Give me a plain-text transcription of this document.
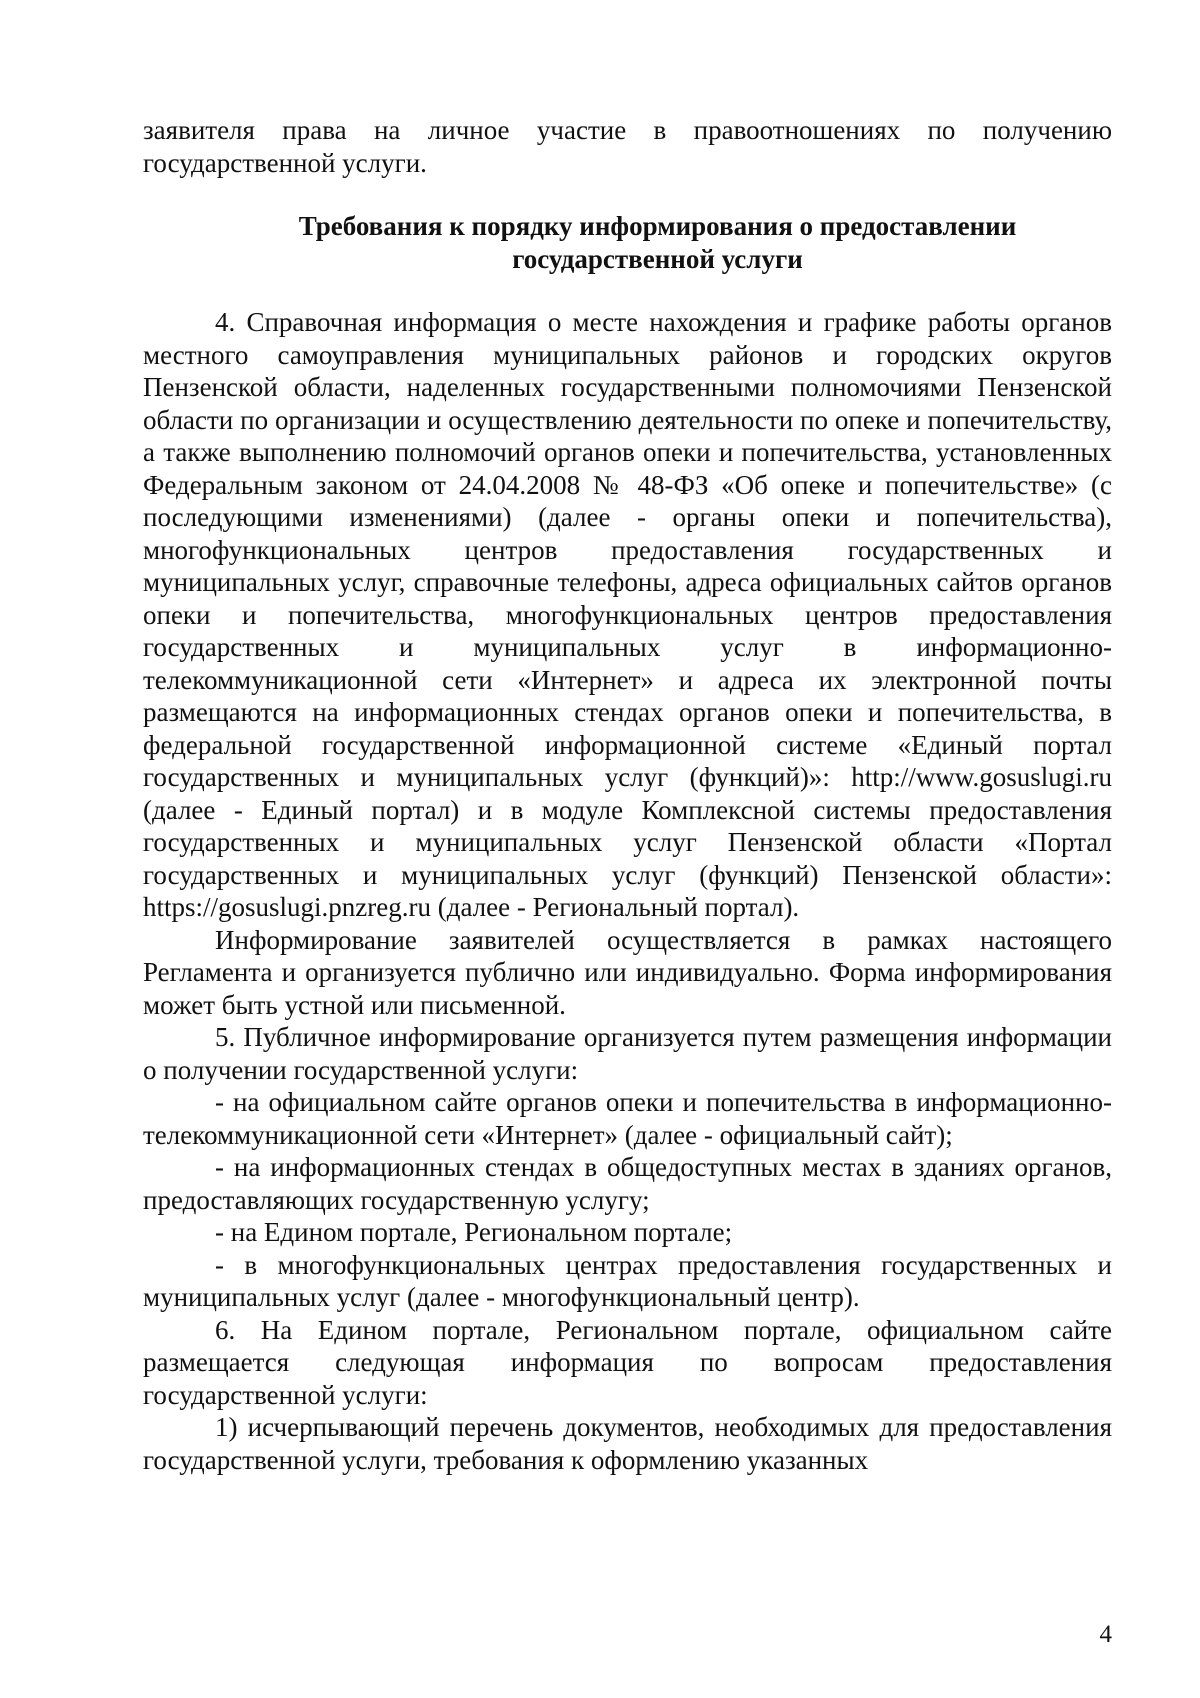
заявителя права на личное участие в правоотношениях по получению государственной услуги.

Требования к порядку информирования о предоставлении
государственной услуги

4. Справочная информация о месте нахождения и графике работы органов местного самоуправления муниципальных районов и городских округов Пензенской области, наделенных государственными полномочиями Пензенской области по организации и осуществлению деятельности по опеке и попечительству, а также выполнению полномочий органов опеки и попечительства, установленных Федеральным законом от 24.04.2008 № 48-ФЗ «Об опеке и попечительстве» (с последующими изменениями) (далее - органы опеки и попечительства), многофункциональных центров предоставления государственных и муниципальных услуг, справочные телефоны, адреса официальных сайтов органов опеки и попечительства, многофункциональных центров предоставления государственных и муниципальных услуг в информационно-телекоммуникационной сети «Интернет» и адреса их электронной почты размещаются на информационных стендах органов опеки и попечительства, в федеральной государственной информационной системе «Единый портал государственных и муниципальных услуг (функций)»: http://www.gosuslugi.ru (далее - Единый портал) и в модуле Комплексной системы предоставления государственных и муниципальных услуг Пензенской области «Портал государственных и муниципальных услуг (функций) Пензенской области»: https://gosuslugi.pnzreg.ru (далее - Региональный портал).

Информирование заявителей осуществляется в рамках настоящего Регламента и организуется публично или индивидуально. Форма информирования может быть устной или письменной.

5. Публичное информирование организуется путем размещения информации о получении государственной услуги:

- на официальном сайте органов опеки и попечительства в информационно-телекоммуникационной сети «Интернет» (далее - официальный сайт);

- на информационных стендах в общедоступных местах в зданиях органов, предоставляющих государственную услугу;

- на Едином портале, Региональном портале;

- в многофункциональных центрах предоставления государственных и муниципальных услуг (далее - многофункциональный центр).

6. На Едином портале, Региональном портале, официальном сайте размещается следующая информация по вопросам предоставления государственной услуги:

1) исчерпывающий перечень документов, необходимых для предоставления государственной услуги, требования к оформлению указанных

4
